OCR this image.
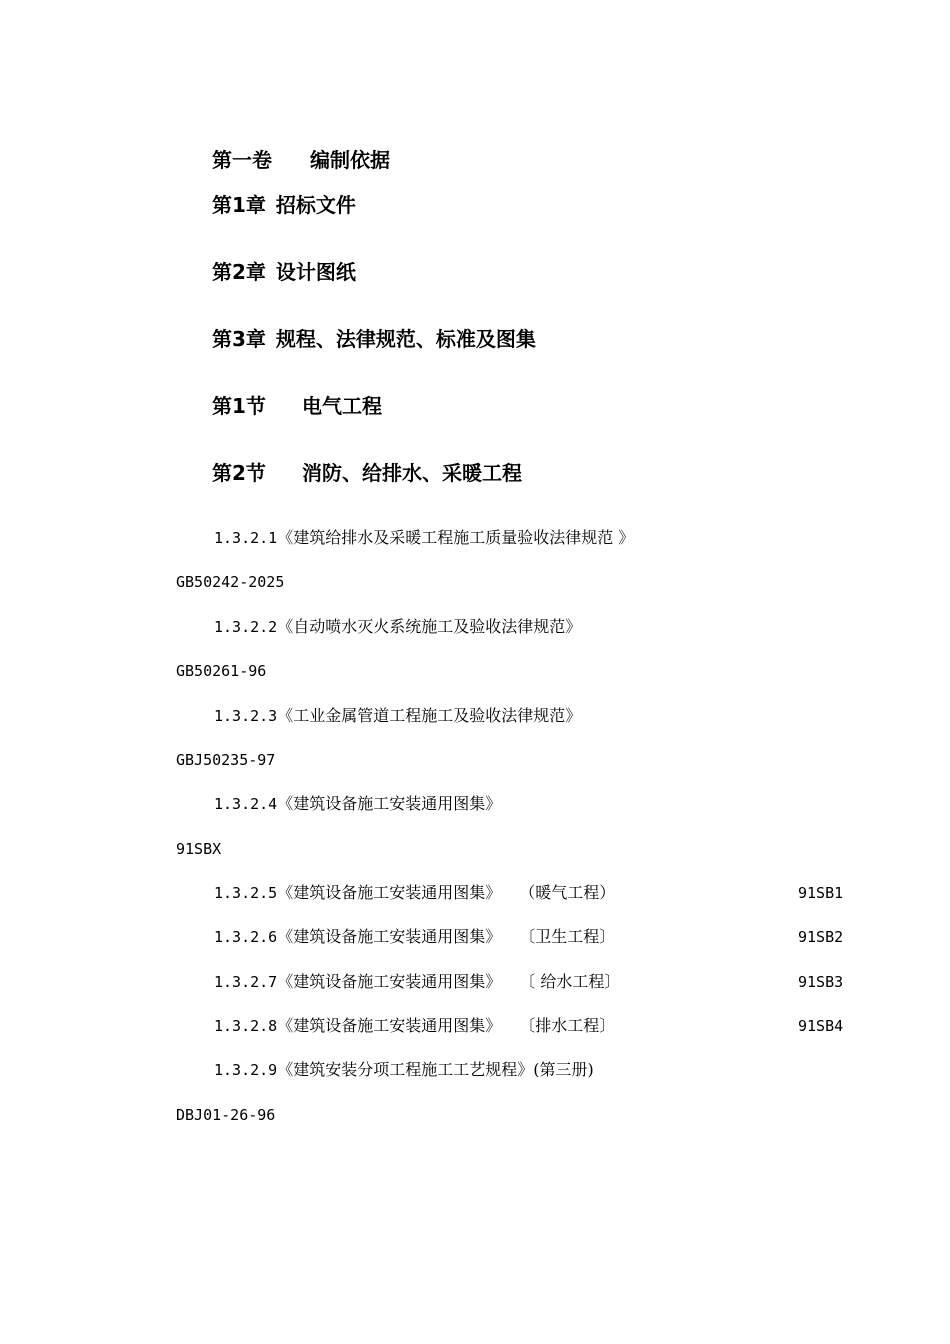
第一卷 编制依据
第1章 招标文件
第2章 设计图纸
第3章 规程、法律规范、标准及图集
第1节 电气工程
第2节 消防、给排水、采暖工程
1.3.2.1《建筑给排水及采暖工程施工质量验收法律规范 》
GB50242-2025
1.3.2.2《自动喷水灭火系统施工及验收法律规范》
GB50261-96
1.3.2.3《工业金属管道工程施工及验收法律规范》
GBJ50235-97
1.3.2.4《建筑设备施工安装通用图集》
91SBX
1.3.2.5《建筑设备施工安装通用图集》 （暖气工程）	91SB1
1.3.2.6《建筑设备施工安装通用图集》 〔卫生工程〕	91SB2
1.3.2.7《建筑设备施工安装通用图集》 〔 给水工程〕	91SB3
1.3.2.8《建筑设备施工安装通用图集》〔排水工程〕	91SB4
1.3.2.9《建筑安装分项工程施工工艺规程》(第三册)
DBJ01-26-96
